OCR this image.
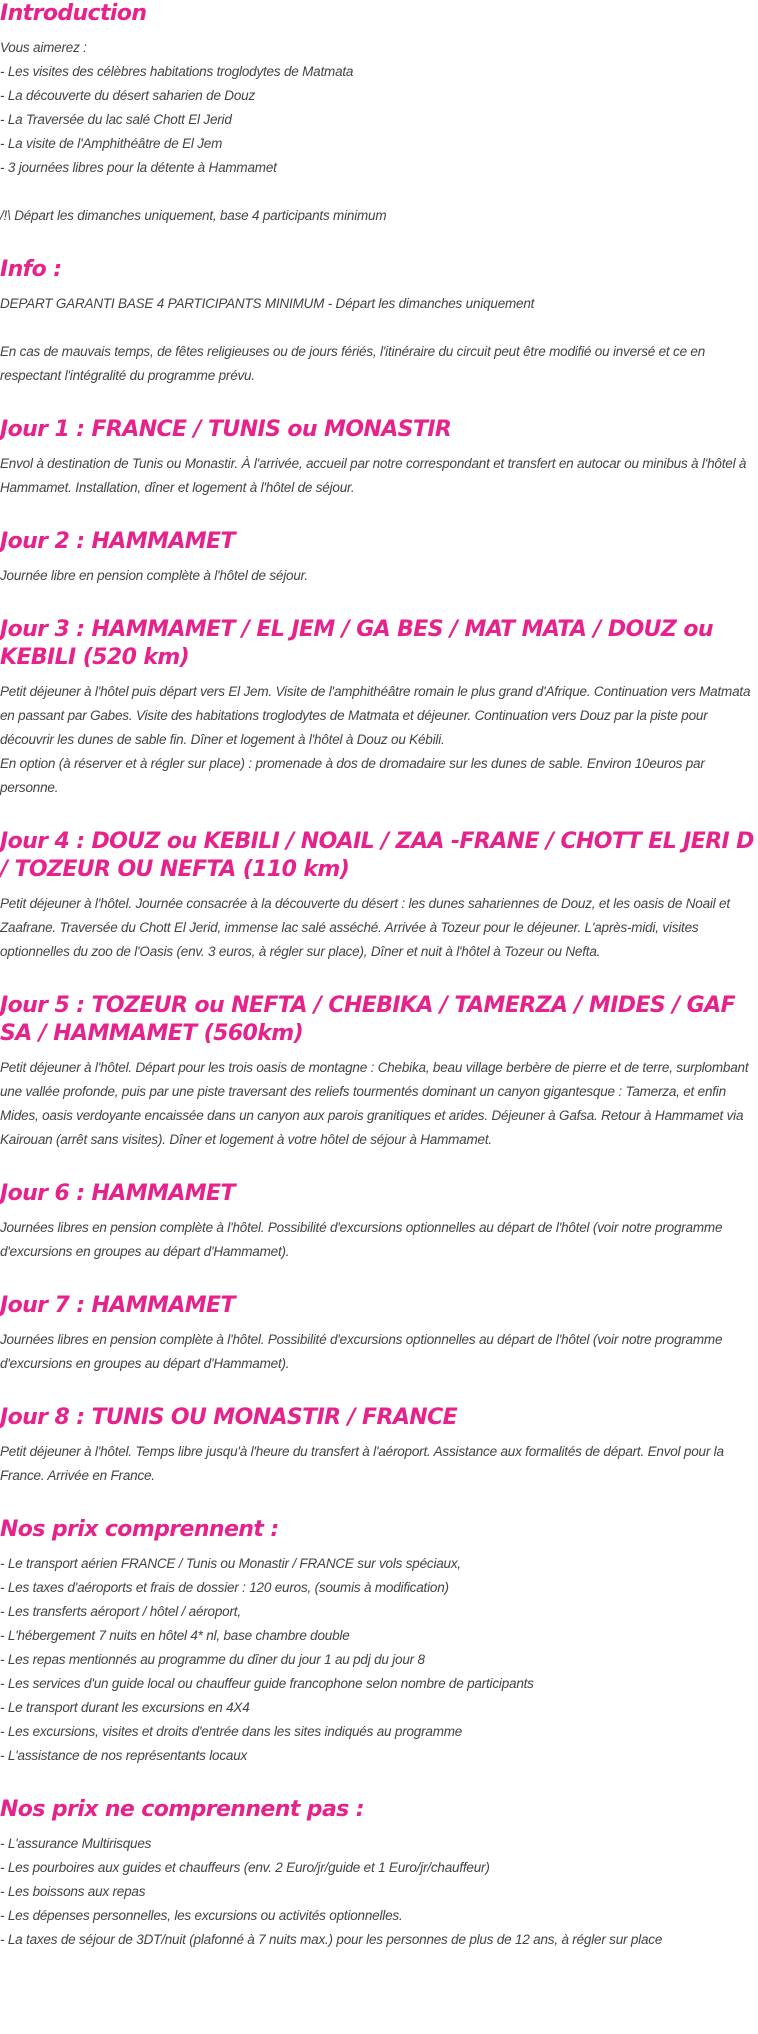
Introduction

Vous aimerez :
- Les visites des célèbres habitations troglodytes de Matmata
- La découverte du désert saharien de Douz
- La Traversée du lac salé Chott El Jerid
- La visite de l'Amphithéâtre de El Jem
- 3 journées libres pour la détente à Hammamet

/!\ Départ les dimanches uniquement, base 4 participants minimum

Info :

DEPART GARANTI BASE 4 PARTICIPANTS MINIMUM - Départ les dimanches uniquement

En cas de mauvais temps, de fêtes religieuses ou de jours fériés, l'itinéraire du circuit peut être modifié ou inversé et ce en respectant l'intégralité du programme prévu.

Jour 1 : FRANCE / TUNIS ou MONASTIR

Envol à destination de Tunis ou Monastir. À l'arrivée, accueil par notre correspondant et transfert en autocar ou minibus à l'hôtel à Hammamet. Installation, dîner et logement à l'hôtel de séjour.

Jour 2 : HAMMAMET

Journée libre en pension complète à l'hôtel de séjour.

Jour 3 : HAMMAMET / EL JEM / GA BES / MAT MATA / DOUZ ou KEBILI (520 km)

Petit déjeuner à l'hôtel puis départ vers El Jem. Visite de l'amphithéâtre romain le plus grand d'Afrique. Continuation vers Matmata en passant par Gabes. Visite des habitations troglodytes de Matmata et déjeuner. Continuation vers Douz par la piste pour découvrir les dunes de sable fin. Dîner et logement à l'hôtel à Douz ou Kébili.
En option (à réserver et à régler sur place) : promenade à dos de dromadaire sur les dunes de sable. Environ 10euros par personne.

Jour 4 : DOUZ ou KEBILI / NOAIL / ZAA -FRANE / CHOTT EL JERI D / TOZEUR OU NEFTA (110 km)

Petit déjeuner à l'hôtel. Journée consacrée à la découverte du désert : les dunes sahariennes de Douz, et les oasis de Noail et Zaafrane. Traversée du Chott El Jerid, immense lac salé asséché. Arrivée à Tozeur pour le déjeuner. L'après-midi, visites optionnelles du zoo de l'Oasis (env. 3 euros, à régler sur place), Dîner et nuit à l'hôtel à Tozeur ou Nefta.

Jour 5 : TOZEUR ou NEFTA / CHEBIKA / TAMERZA / MIDES / GAF SA / HAMMAMET (560km)

Petit déjeuner à l'hôtel. Départ pour les trois oasis de montagne : Chebika, beau village berbère de pierre et de terre, surplombant une vallée profonde, puis par une piste traversant des reliefs tourmentés dominant un canyon gigantesque : Tamerza, et enfin Mides, oasis verdoyante encaissée dans un canyon aux parois granitiques et arides. Déjeuner à Gafsa. Retour à Hammamet via Kairouan (arrêt sans visites). Dîner et logement à votre hôtel de séjour à Hammamet.

Jour 6 : HAMMAMET

Journées libres en pension complète à l'hôtel. Possibilité d'excursions optionnelles au départ de l'hôtel (voir notre programme d'excursions en groupes au départ d'Hammamet).

Jour 7 : HAMMAMET

Journées libres en pension complète à l'hôtel. Possibilité d'excursions optionnelles au départ de l'hôtel (voir notre programme d'excursions en groupes au départ d'Hammamet).

Jour 8 : TUNIS OU MONASTIR / FRANCE

Petit déjeuner à l'hôtel. Temps libre jusqu'à l'heure du transfert à l'aéroport. Assistance aux formalités de départ. Envol pour la France. Arrivée en France.

Nos prix comprennent :

- Le transport aérien FRANCE / Tunis ou Monastir / FRANCE sur vols spéciaux,
- Les taxes d'aéroports et frais de dossier : 120 euros, (soumis à modification)
- Les transferts aéroport / hôtel / aéroport,
- L'hébergement 7 nuits en hôtel 4* nl, base chambre double
- Les repas mentionnés au programme du dîner du jour 1 au pdj du jour 8
- Les services d'un guide local ou chauffeur guide francophone selon nombre de participants
- Le transport durant les excursions en 4X4
- Les excursions, visites et droits d'entrée dans les sites indiqués au programme
- L'assistance de nos représentants locaux

Nos prix ne comprennent pas :

- L'assurance Multirisques
- Les pourboires aux guides et chauffeurs (env. 2 Euro/jr/guide et 1 Euro/jr/chauffeur)
- Les boissons aux repas
- Les dépenses personnelles, les excursions ou activités optionnelles.
- La taxes de séjour de 3DT/nuit (plafonné à 7 nuits max.) pour les personnes de plus de 12 ans, à régler sur place
